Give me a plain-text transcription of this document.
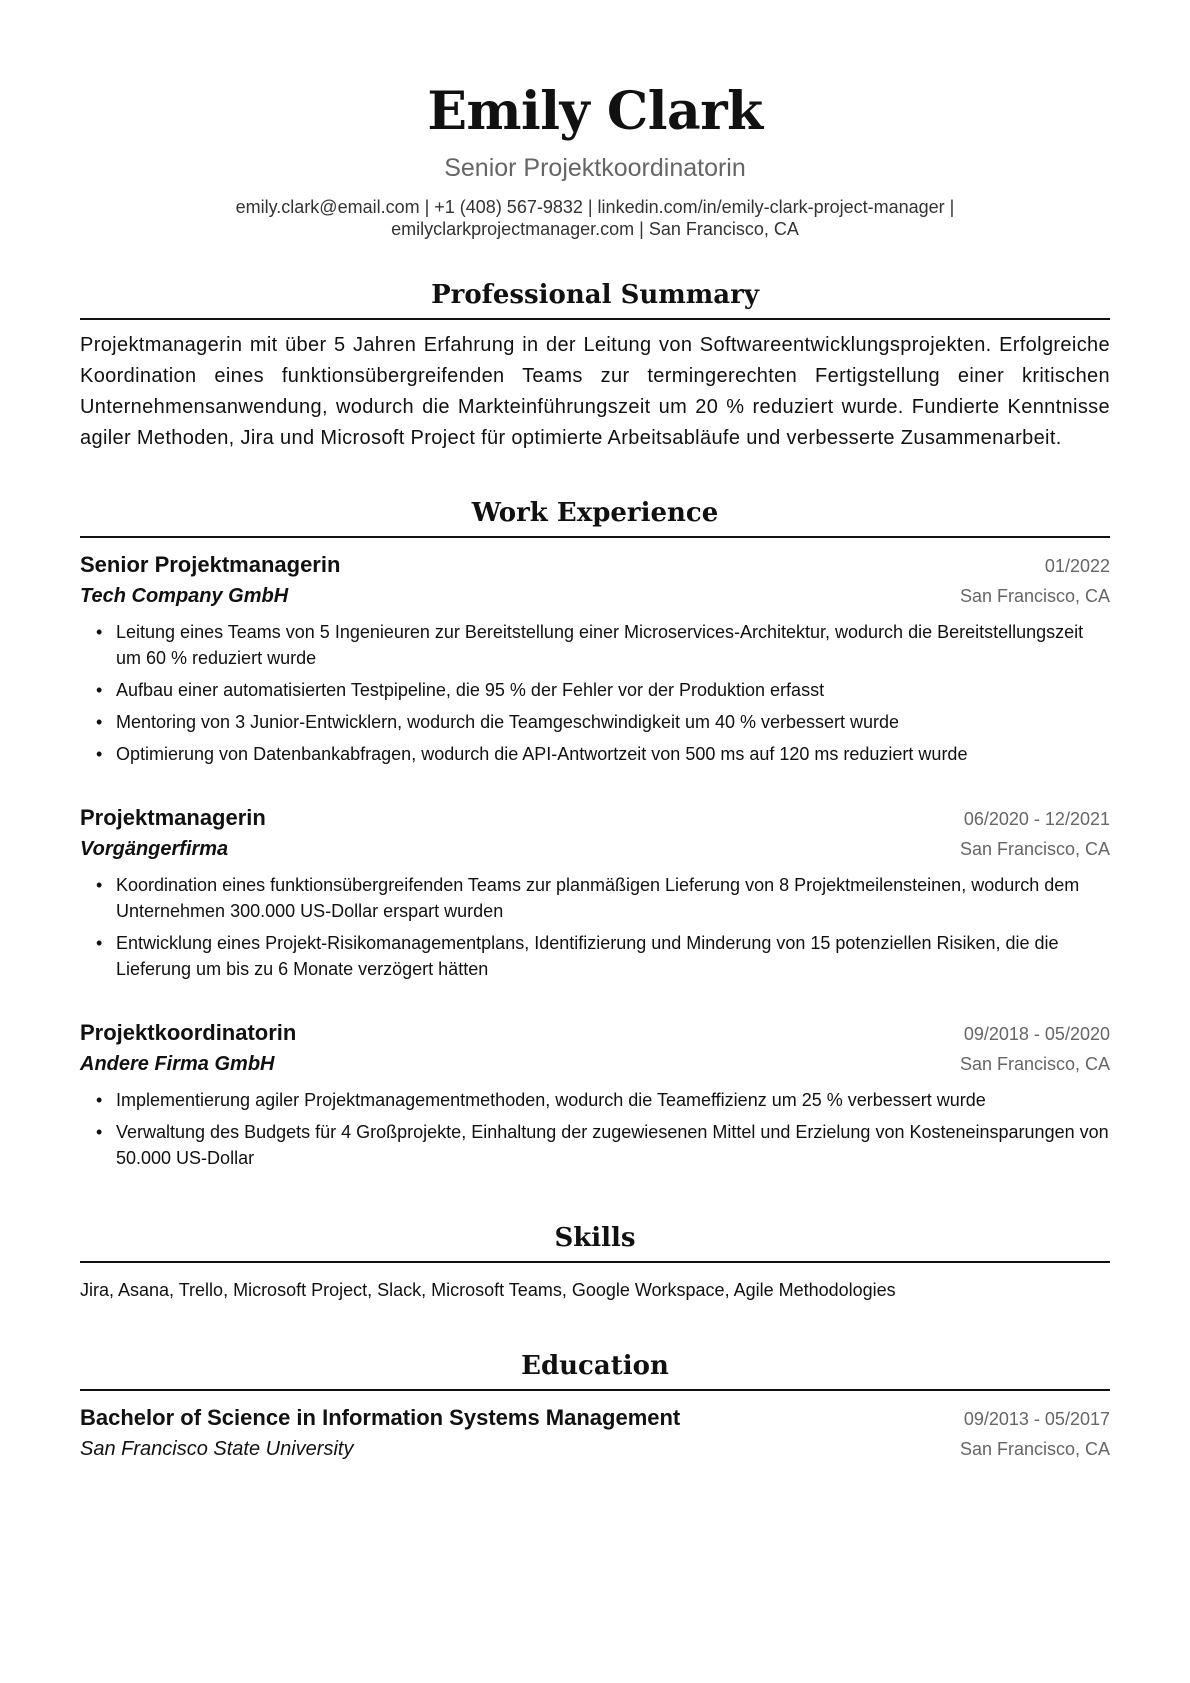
Emily Clark
Senior Projektkoordinatorin
emily.clark@email.com | +1 (408) 567-9832 | linkedin.com/in/emily-clark-project-manager |
emilyclarkprojectmanager.com | San Francisco, CA
Professional Summary

Projektmanagerin mit über 5 Jahren Erfahrung in der Leitung von Softwareentwicklungsprojekten. Erfolgreiche Koordination eines funktionsübergreifenden Teams zur termingerechten Fertigstellung einer kritischen Unternehmensanwendung, wodurch die Markteinführungszeit um 20 % reduziert wurde. Fundierte Kenntnisse agiler Methoden, Jira und Microsoft Project für optimierte Arbeitsabläufe und verbesserte Zusammenarbeit.

Work Experience
Senior Projektmanagerin	01/2022
Tech Company GmbH	San Francisco, CA
• Leitung eines Teams von 5 Ingenieuren zur Bereitstellung einer Microservices-Architektur, wodurch die Bereitstellungszeit um 60 % reduziert wurde
• Aufbau einer automatisierten Testpipeline, die 95 % der Fehler vor der Produktion erfasst
• Mentoring von 3 Junior-Entwicklern, wodurch die Teamgeschwindigkeit um 40 % verbessert wurde
• Optimierung von Datenbankabfragen, wodurch die API-Antwortzeit von 500 ms auf 120 ms reduziert wurde
Projektmanagerin	06/2020 - 12/2021
Vorgängerfirma	San Francisco, CA
• Koordination eines funktionsübergreifenden Teams zur planmäßigen Lieferung von 8 Projektmeilensteinen, wodurch dem Unternehmen 300.000 US-Dollar erspart wurden
• Entwicklung eines Projekt-Risikomanagementplans, Identifizierung und Minderung von 15 potenziellen Risiken, die die Lieferung um bis zu 6 Monate verzögert hätten
Projektkoordinatorin	09/2018 - 05/2020
Andere Firma GmbH	San Francisco, CA
• Implementierung agiler Projektmanagementmethoden, wodurch die Teameffizienz um 25 % verbessert wurde
• Verwaltung des Budgets für 4 Großprojekte, Einhaltung der zugewiesenen Mittel und Erzielung von Kosteneinsparungen von 50.000 US-Dollar
Skills

Jira, Asana, Trello, Microsoft Project, Slack, Microsoft Teams, Google Workspace, Agile Methodologies

Education
Bachelor of Science in Information Systems Management	09/2013 - 05/2017
San Francisco State University	San Francisco, CA
